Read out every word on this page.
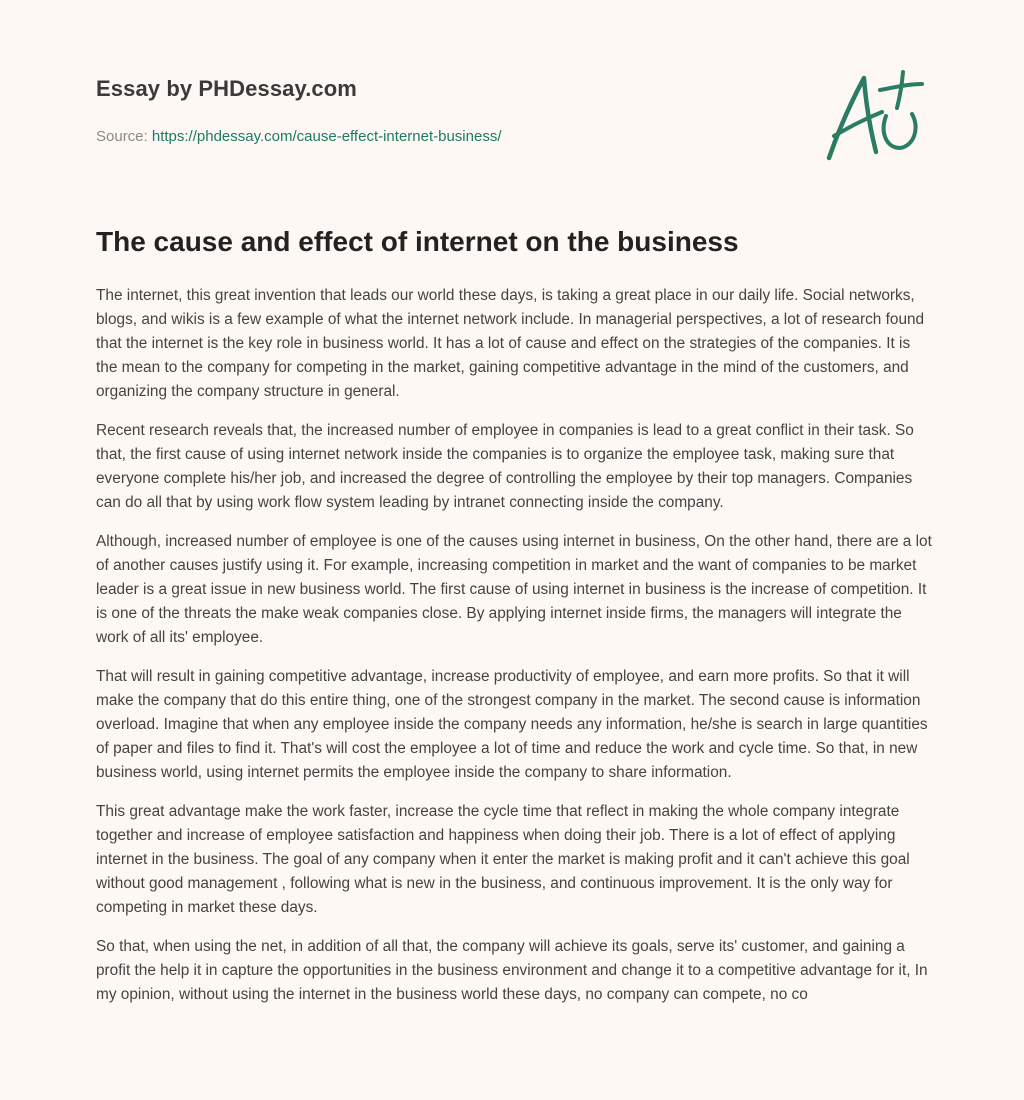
Essay by PHDessay.com
Source: https://phdessay.com/cause-effect-internet-business/
The cause and effect of internet on the business

The internet, this great invention that leads our world these days, is taking a great place in our daily life. Social networks, blogs, and wikis is a few example of what the internet network include. In managerial perspectives, a lot of research found that the internet is the key role in business world. It has a lot of cause and effect on the strategies of the companies. It is the mean to the company for competing in the market, gaining competitive advantage in the mind of the customers, and organizing the company structure in general.

Recent research reveals that, the increased number of employee in companies is lead to a great conflict in their task. So that, the first cause of using internet network inside the companies is to organize the employee task, making sure that everyone complete his/her job, and increased the degree of controlling the employee by their top managers. Companies can do all that by using work flow system leading by intranet connecting inside the company.

Although, increased number of employee is one of the causes using internet in business, On the other hand, there are a lot of another causes justify using it. For example, increasing competition in market and the want of companies to be market leader is a great issue in new business world. The first cause of using internet in business is the increase of competition. It is one of the threats the make weak companies close. By applying internet inside firms, the managers will integrate the work of all its' employee.

That will result in gaining competitive advantage, increase productivity of employee, and earn more profits. So that it will make the company that do this entire thing, one of the strongest company in the market. The second cause is information overload. Imagine that when any employee inside the company needs any information, he/she is search in large quantities of paper and files to find it. That's will cost the employee a lot of time and reduce the work and cycle time. So that, in new business world, using internet permits the employee inside the company to share information.

This great advantage make the work faster, increase the cycle time that reflect in making the whole company integrate together and increase of employee satisfaction and happiness when doing their job. There is a lot of effect of applying internet in the business. The goal of any company when it enter the market is making profit and it can't achieve this goal without good management , following what is new in the business, and continuous improvement. It is the only way for competing in market these days.

So that, when using the net, in addition of all that, the company will achieve its goals, serve its' customer, and gaining a profit the help it in capture the opportunities in the business environment and change it to a competitive advantage for it, In my opinion, without using the internet in the business world these days, no company can compete, no co
